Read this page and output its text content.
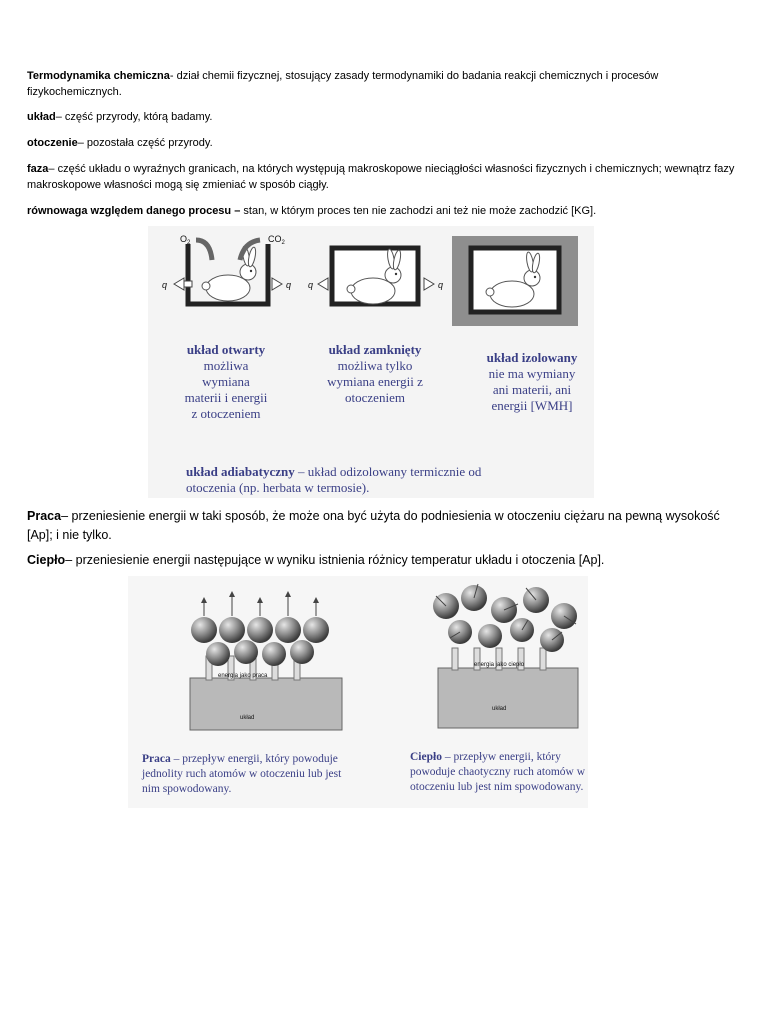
Termodynamika chemiczna- dział chemii fizycznej, stosujący zasady termodynamiki do badania reakcji chemicznych i procesów fizykochemicznych.

układ– część przyrody, którą badamy.

otoczenie– pozostała część przyrody.

faza– część układu o wyraźnych granicach, na których występują makroskopowe nieciągłości własności fizycznych i chemicznych; wewnątrz fazy makroskopowe własności mogą się zmieniać w sposób ciągły.

równowaga względem danego procesu – stan, w którym proces ten nie zachodzi ani też nie może zachodzić [KG].

$O_2$	$CO_2$
q	q q	q
układ otwarty
możliwa
wymiana
materii i energii
z otoczeniem
układ zamknięty
możliwa tylko
wymiana energii z
otoczeniem
układ izolowany
nie ma wymiany
ani materii, ani
energii [WMH]
układ adiabatyczny – układ odizolowany termicznie od
otoczenia (np. herbata w termosie).

Praca– przeniesienie energii w taki sposób, że może ona być użyta do podniesienia w otoczeniu ciężaru na pewną wysokość [Ap]; i nie tylko.

Ciepło– przeniesienie energii następujące w wyniku istnienia różnicy temperatur układu i otoczenia [Ap].

układ
energia jako praca
układ
energia jako ciepło
Praca – przepływ energii, który powoduje
jednolity ruch atomów w otoczeniu lub jest
nim spowodowany.
Ciepło – przepływ energii, który
powoduje chaotyczny ruch atomów w
otoczeniu lub jest nim spowodowany.
